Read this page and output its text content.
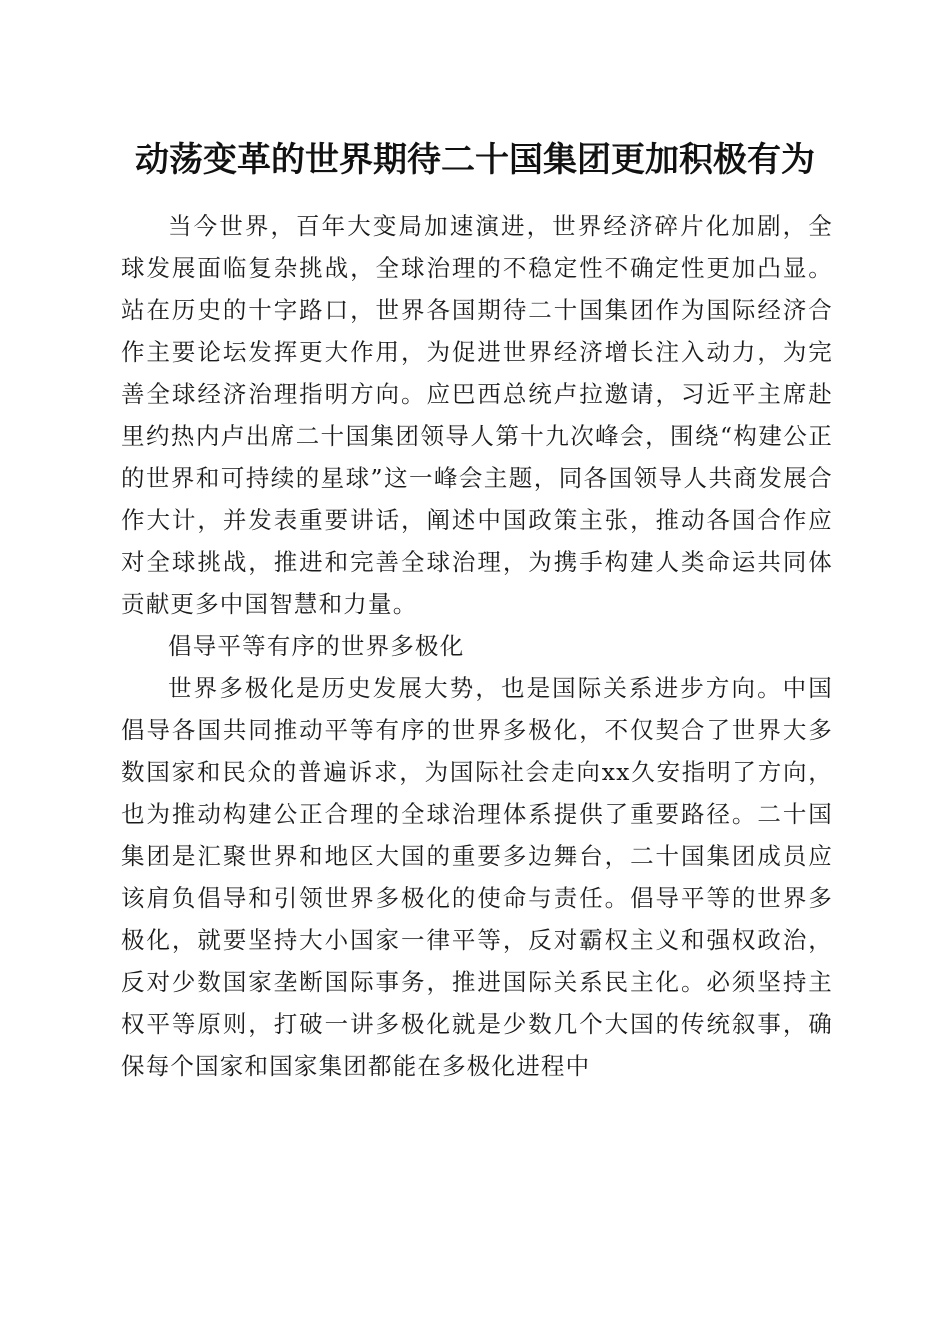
动荡变革的世界期待二十国集团更加积极有为

当今世界，百年大变局加速演进，世界经济碎片化加剧，全球发展面临复杂挑战，全球治理的不稳定性不确定性更加凸显。站在历史的十字路口，世界各国期待二十国集团作为国际经济合作主要论坛发挥更大作用，为促进世界经济增长注入动力，为完善全球经济治理指明方向。应巴西总统卢拉邀请，习近平主席赴里约热内卢出席二十国集团领导人第十九次峰会，围绕“构建公正的世界和可持续的星球”这一峰会主题，同各国领导人共商发展合作大计，并发表重要讲话，阐述中国政策主张，推动各国合作应对全球挑战，推进和完善全球治理，为携手构建人类命运共同体贡献更多中国智慧和力量。

倡导平等有序的世界多极化

世界多极化是历史发展大势，也是国际关系进步方向。中国倡导各国共同推动平等有序的世界多极化，不仅契合了世界大多数国家和民众的普遍诉求，为国际社会走向xx久安指明了方向，也为推动构建公正合理的全球治理体系提供了重要路径。二十国集团是汇聚世界和地区大国的重要多边舞台，二十国集团成员应该肩负倡导和引领世界多极化的使命与责任。倡导平等的世界多极化，就要坚持大小国家一律平等，反对霸权主义和强权政治，反对少数国家垄断国际事务，推进国际关系民主化。必须坚持主权平等原则，打破一讲多极化就是少数几个大国的传统叙事，确保每个国家和国家集团都能在多极化进程中
